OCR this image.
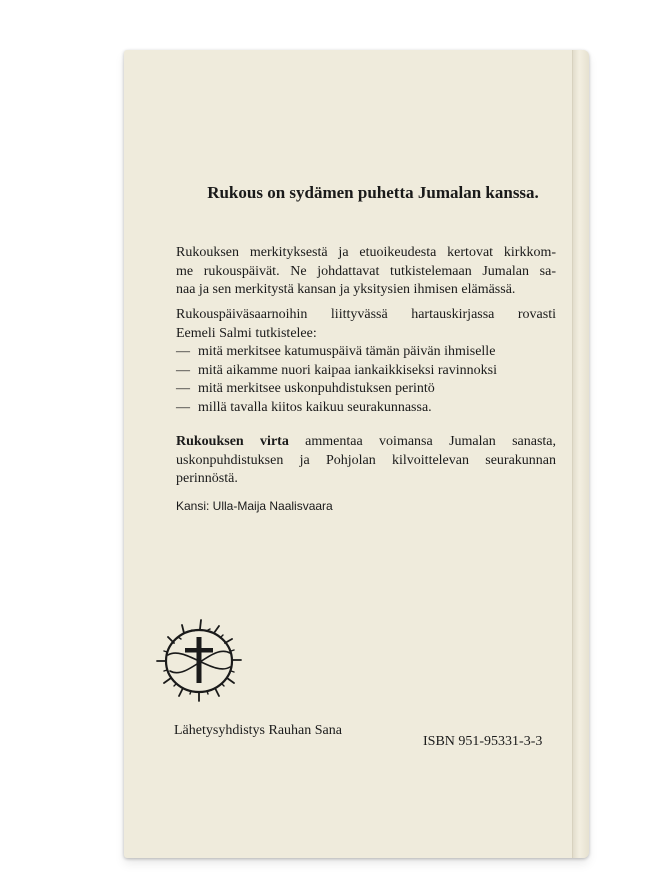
Rukous on sydämen puhetta Jumalan kanssa.
Rukouksen merkityksestä ja etuoikeudesta kertovat kirkkom-
me rukouspäivät. Ne johdattavat tutkistelemaan Jumalan sa-
naa ja sen merkitystä kansan ja yksitysien ihmisen elämässä.
Rukouspäiväsaarnoihin liittyvässä hartauskirjassa rovasti
Eemeli Salmi tutkistelee:
— mitä merkitsee katumuspäivä tämän päivän ihmiselle
— mitä aikamme nuori kaipaa iankaikkiseksi ravinnoksi
— mitä merkitsee uskonpuhdistuksen perintö
— millä tavalla kiitos kaikuu seurakunnassa.
Rukouksen virta ammentaa voimansa Jumalan sanasta,
uskonpuhdistuksen ja Pohjolan kilvoittelevan seurakunnan
perinnöstä.
Kansi: Ulla-Maija Naalisvaara
Lähetysyhdistys Rauhan Sana
ISBN 951-95331-3-3
